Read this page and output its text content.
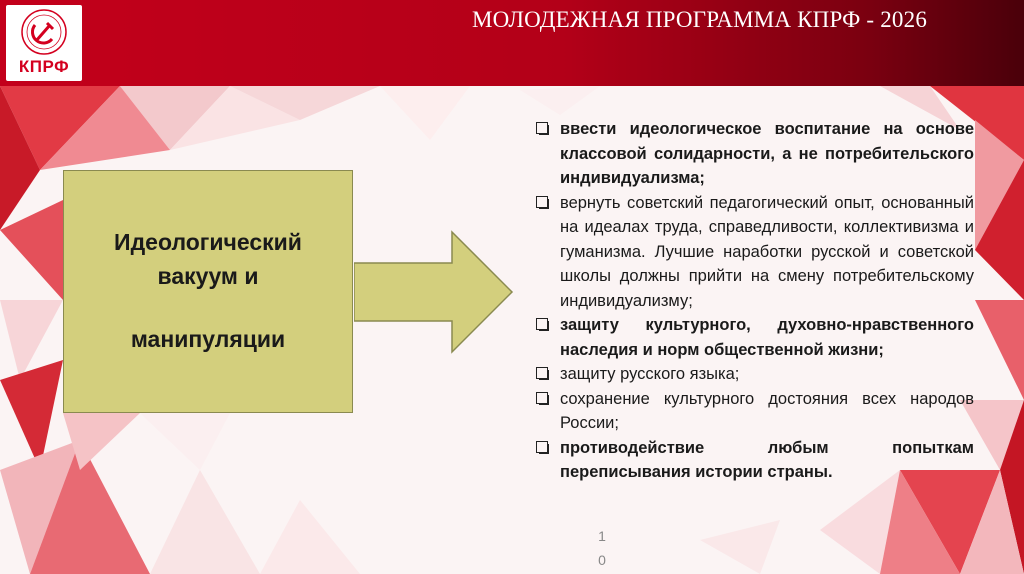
КПРФ
МОЛОДЕЖНАЯ ПРОГРАММА КПРФ - 2026
Идеологический
вакуум и
манипуляции
ввести идеологическое воспитание на основе классовой солидарности, а не потребительского индивидуализма;
вернуть советский педагогический опыт, основанный на идеалах труда, справедливости, коллективизма и гуманизма. Лучшие наработки русской и советской школы должны прийти на смену потребительскому индивидуализму;
защиту культурного, духовно-нравственного наследия и норм общественной жизни;
защиту русского языка;
сохранение культурного достояния всех народов России;
противодействие любым попыткам переписывания истории страны.
1
0
